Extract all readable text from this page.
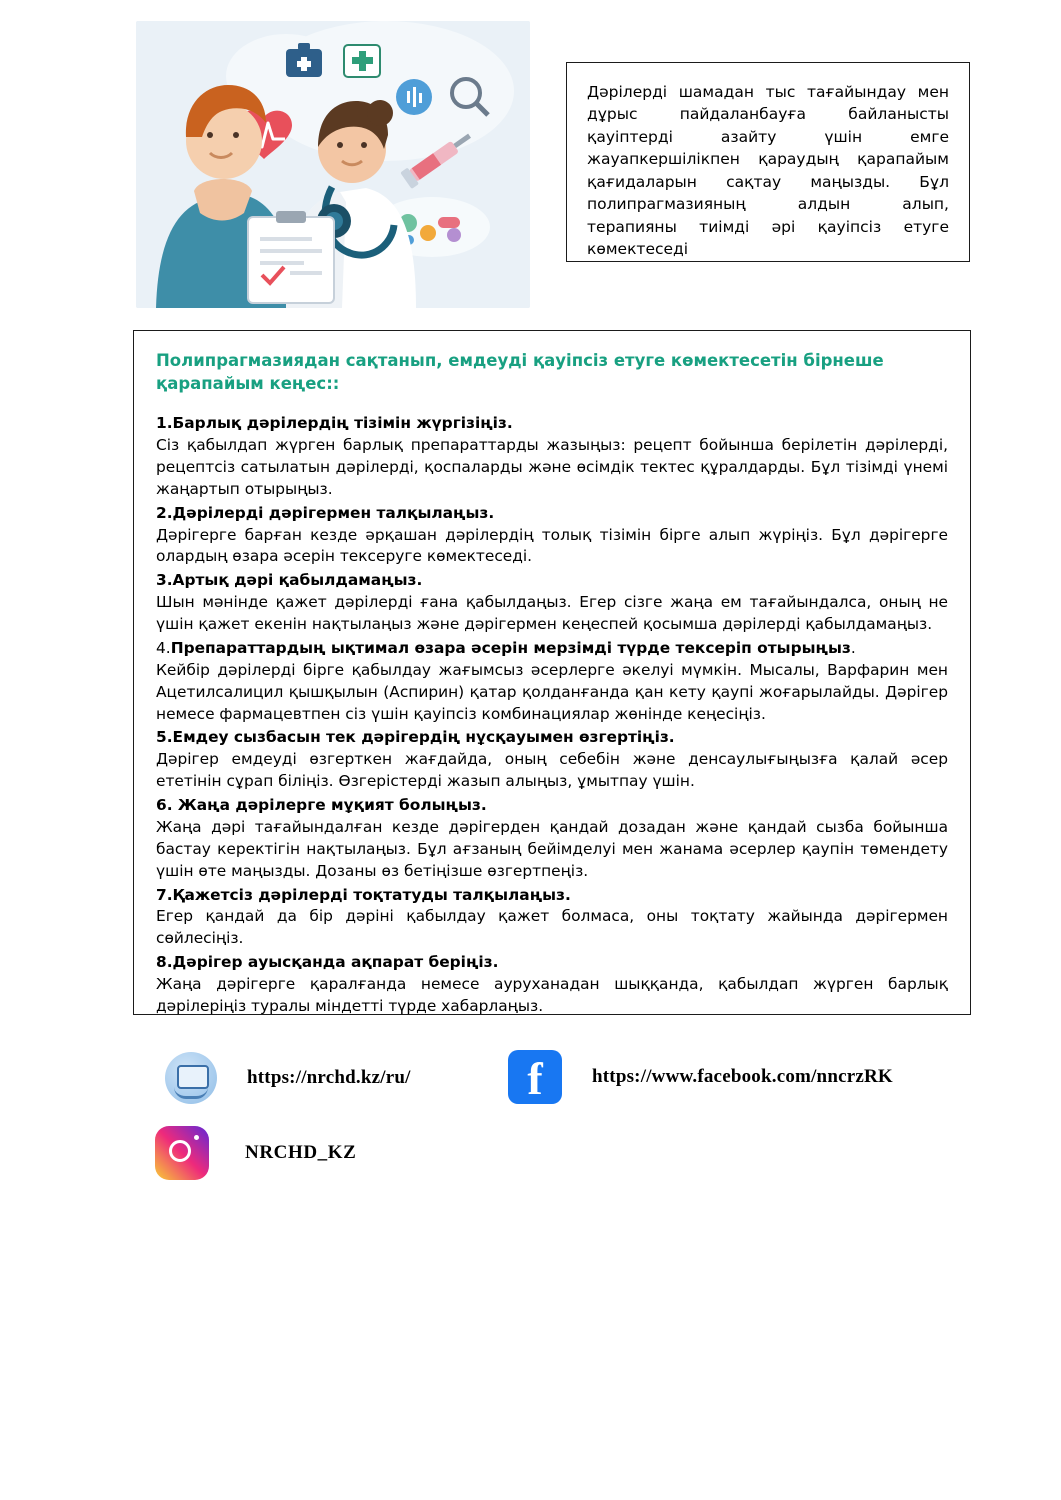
Дәрілерді шамадан тыс тағайындау мен дұрыс пайдаланбауға байланысты қауіптерді азайту үшін емге жауапкершілікпен қараудың қарапайым қағидаларын сақтау маңызды. Бұл полипрагмазияның алдын алып, терапияны тиімді әрі қауіпсіз етуге көмектеседі

Полипрагмазиядан сақтанып, емдеуді қауіпсіз етуге көмектесетін бірнеше
қарапайым кеңес::

1.Барлық дәрілердің тізімін жүргізіңіз.

Сіз қабылдап жүрген барлық препараттарды жазыңыз: рецепт бойынша берілетін дәрілерді, рецептсіз сатылатын дәрілерді, қоспаларды және өсімдік тектес құралдарды. Бұл тізімді үнемі жаңартып отырыңыз.

2.Дәрілерді дәрігермен талқылаңыз.

Дәрігерге барған кезде әрқашан дәрілердің толық тізімін бірге алып жүріңіз. Бұл дәрігерге олардың өзара әсерін тексеруге көмектеседі.

3.Артық дәрі қабылдамаңыз.

Шын мәнінде қажет дәрілерді ғана қабылдаңыз. Егер сізге жаңа ем тағайындалса, оның не үшін қажет екенін нақтылаңыз және дәрігермен кеңеспей қосымша дәрілерді қабылдамаңыз.

4.Препараттардың ықтимал өзара әсерін мерзімді түрде тексеріп отырыңыз.

Кейбір дәрілерді бірге қабылдау жағымсыз әсерлерге әкелуі мүмкін. Мысалы, Варфарин мен Ацетилсалицил қышқылын (Аспирин) қатар қолданғанда қан кету қаупі жоғарылайды. Дәрігер немесе фармацевтпен сіз үшін қауіпсіз комбинациялар жөнінде кеңесіңіз.

5.Емдеу сызбасын тек дәрігердің нұсқауымен өзгертіңіз.

Дәрігер емдеуді өзгерткен жағдайда, оның себебін және денсаулығыңызға қалай әсер ететінін сұрап біліңіз. Өзгерістерді жазып алыңыз, ұмытпау үшін.

6. Жаңа дәрілерге мұқият болыңыз.

Жаңа дәрі тағайындалған кезде дәрігерден қандай дозадан және қандай сызба бойынша бастау керектігін нақтылаңыз. Бұл ағзаның бейімделуі мен жанама әсерлер қаупін төмендету үшін өте маңызды. Дозаны өз бетіңізше өзгертпеңіз.

7.Қажетсіз дәрілерді тоқтатуды талқылаңыз.

Егер қандай да бір дәріні қабылдау қажет болмаса, оны тоқтату жайында дәрігермен сөйлесіңіз.

8.Дәрігер ауысқанда ақпарат беріңіз.

Жаңа дәрігерге қаралғанда немесе ауруханадан шыққанда, қабылдап жүрген барлық дәрілеріңіз туралы міндетті түрде хабарлаңыз.

https://nrchd.kz/ru/	f	https://www.facebook.com/nncrzRK
NRCHD_KZ
